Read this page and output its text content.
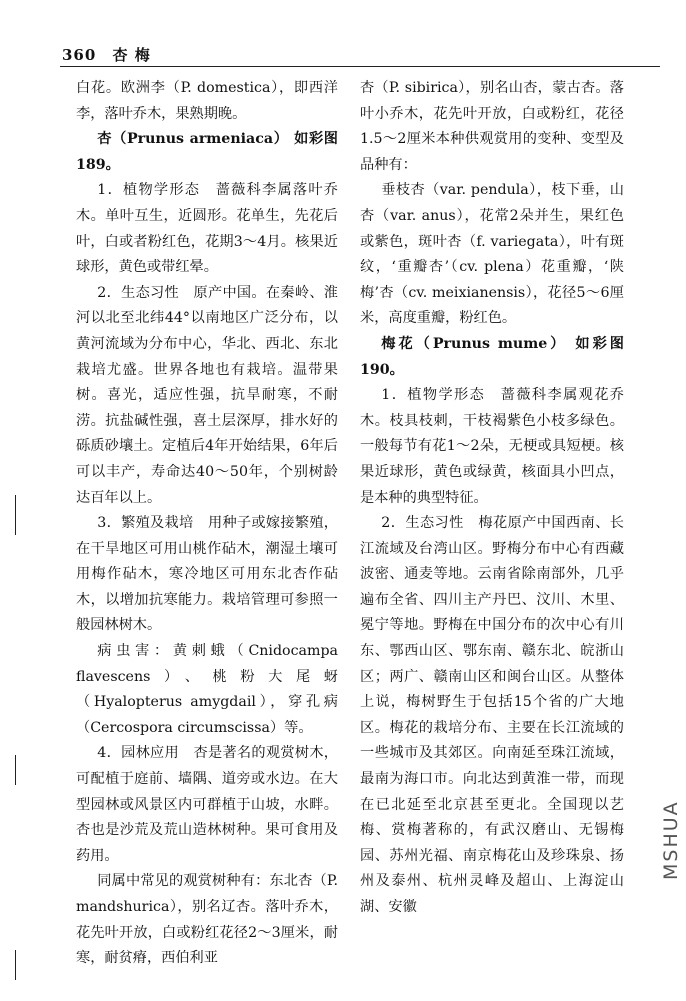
360 杏 梅

白花。欧洲李（P. domestica），即西洋李，落叶乔木，果熟期晚。

杏（Prunus armeniaca） 如彩图189。

1．植物学形态　蔷薇科李属落叶乔木。单叶互生，近圆形。花单生，先花后叶，白或者粉红色，花期3～4月。核果近球形，黄色或带红晕。

2．生态习性　原产中国。在秦岭、淮河以北至北纬44°以南地区广泛分布，以黄河流域为分布中心，华北、西北、东北栽培尤盛。世界各地也有栽培。温带果树。喜光，适应性强，抗旱耐寒，不耐涝。抗盐碱性强，喜土层深厚，排水好的砾质砂壤土。定植后4年开始结果，6年后可以丰产，寿命达40～50年，个别树龄达百年以上。

3．繁殖及栽培　用种子或嫁接繁殖，在干旱地区可用山桃作砧木，潮湿土壤可用梅作砧木，寒冷地区可用东北杏作砧木，以增加抗寒能力。栽培管理可参照一般园林树木。

病虫害：黄刺蛾（Cnidocampa flavescens）、桃粉大尾蚜（Hyalopterus amygdail），穿孔病（Cercospora circumscissa）等。

4．园林应用　杏是著名的观赏树木，可配植于庭前、墙隅、道旁或水边。在大型园林或风景区内可群植于山坡，水畔。杏也是沙荒及荒山造林树种。果可食用及药用。

同属中常见的观赏树种有：东北杏（P. mandshurica），别名辽杏。落叶乔木，花先叶开放，白或粉红花径2～3厘米，耐寒，耐贫瘠，西伯利亚

杏（P. sibirica），别名山杏，蒙古杏。落叶小乔木，花先叶开放，白或粉红，花径1.5～2厘米本种供观赏用的变种、变型及品种有：

垂枝杏（var. pendula），枝下垂，山杏（var. anus），花常2朵并生，果红色或紫色，斑叶杏（f. variegata），叶有斑纹，‘重瓣杏’（cv. plena）花重瓣，‘陕梅’杏（cv. meixianensis），花径5～6厘米，高度重瓣，粉红色。

梅花（Prunus mume） 如彩图190。

1．植物学形态　蔷薇科李属观花乔木。枝具枝刺，干枝褐紫色小枝多绿色。一般每节有花1～2朵，无梗或具短梗。核果近球形，黄色或绿黄，核面具小凹点，是本种的典型特征。

2．生态习性　梅花原产中国西南、长江流域及台湾山区。野梅分布中心有西藏波密、通麦等地。云南省除南部外，几乎遍布全省、四川主产丹巴、汶川、木里、冕宁等地。野梅在中国分布的次中心有川东、鄂西山区、鄂东南、赣东北、皖浙山区；两广、赣南山区和闽台山区。从整体上说，梅树野生于包括15个省的广大地区。梅花的栽培分布、主要在长江流域的一些城市及其郊区。向南延至珠江流域，最南为海口市。向北达到黄淮一带，而现在已北延至北京甚至更北。全国现以艺梅、赏梅著称的，有武汉磨山、无锡梅园、苏州光福、南京梅花山及珍珠泉、扬州及泰州、杭州灵峰及超山、上海淀山湖、安徽

MSHUA
